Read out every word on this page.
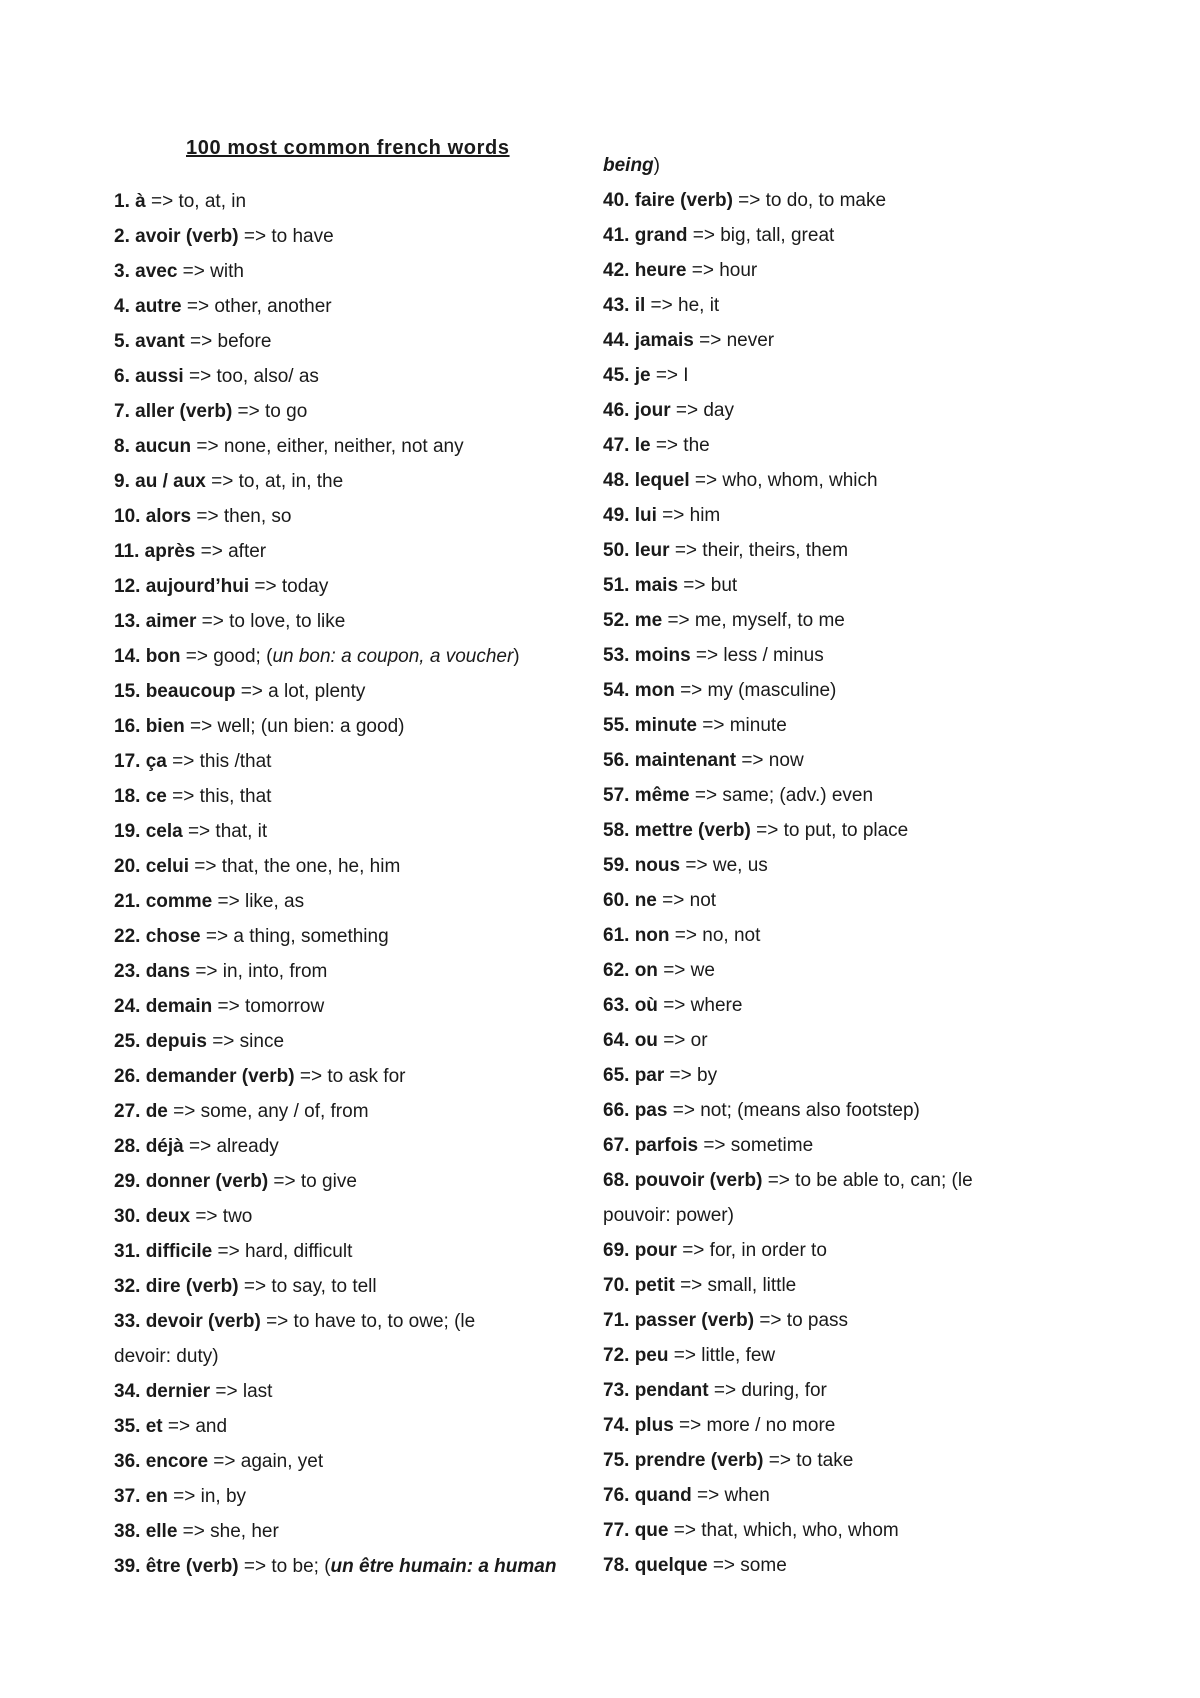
100 most common french words
1. à => to, at, in
2. avoir (verb) => to have
3. avec => with
4. autre => other, another
5. avant => before
6. aussi => too, also/ as
7. aller (verb) => to go
8. aucun => none, either, neither, not any
9. au / aux => to, at, in, the
10. alors => then, so
11. après => after
12. aujourd’hui => today
13. aimer => to love, to like
14. bon => good; (un bon: a coupon, a voucher)
15. beaucoup => a lot, plenty
16. bien => well; (un bien: a good)
17. ça => this /that
18. ce => this, that
19. cela => that, it
20. celui => that, the one, he, him
21. comme => like, as
22. chose => a thing, something
23. dans => in, into, from
24. demain => tomorrow
25. depuis => since
26. demander (verb) => to ask for
27. de => some, any / of, from
28. déjà => already
29. donner (verb) => to give
30. deux => two
31. difficile => hard, difficult
32. dire (verb) => to say, to tell
33. devoir (verb) => to have to, to owe; (le
devoir: duty)
34. dernier => last
35. et => and
36. encore => again, yet
37. en => in, by
38. elle => she, her
39. être (verb) => to be; (un être humain: a human
being)
40. faire (verb) => to do, to make
41. grand => big, tall, great
42. heure => hour
43. il => he, it
44. jamais => never
45. je => I
46. jour => day
47. le => the
48. lequel => who, whom, which
49. lui => him
50. leur => their, theirs, them
51. mais => but
52. me => me, myself, to me
53. moins => less / minus
54. mon => my (masculine)
55. minute => minute
56. maintenant => now
57. même => same; (adv.) even
58. mettre (verb) => to put, to place
59. nous => we, us
60. ne => not
61. non => no, not
62. on => we
63. où => where
64. ou => or
65. par => by
66. pas => not; (means also footstep)
67. parfois => sometime
68. pouvoir (verb) => to be able to, can; (le
pouvoir: power)
69. pour => for, in order to
70. petit => small, little
71. passer (verb) => to pass
72. peu => little, few
73. pendant => during, for
74. plus => more / no more
75. prendre (verb) => to take
76. quand => when
77. que => that, which, who, whom
78. quelque => some
